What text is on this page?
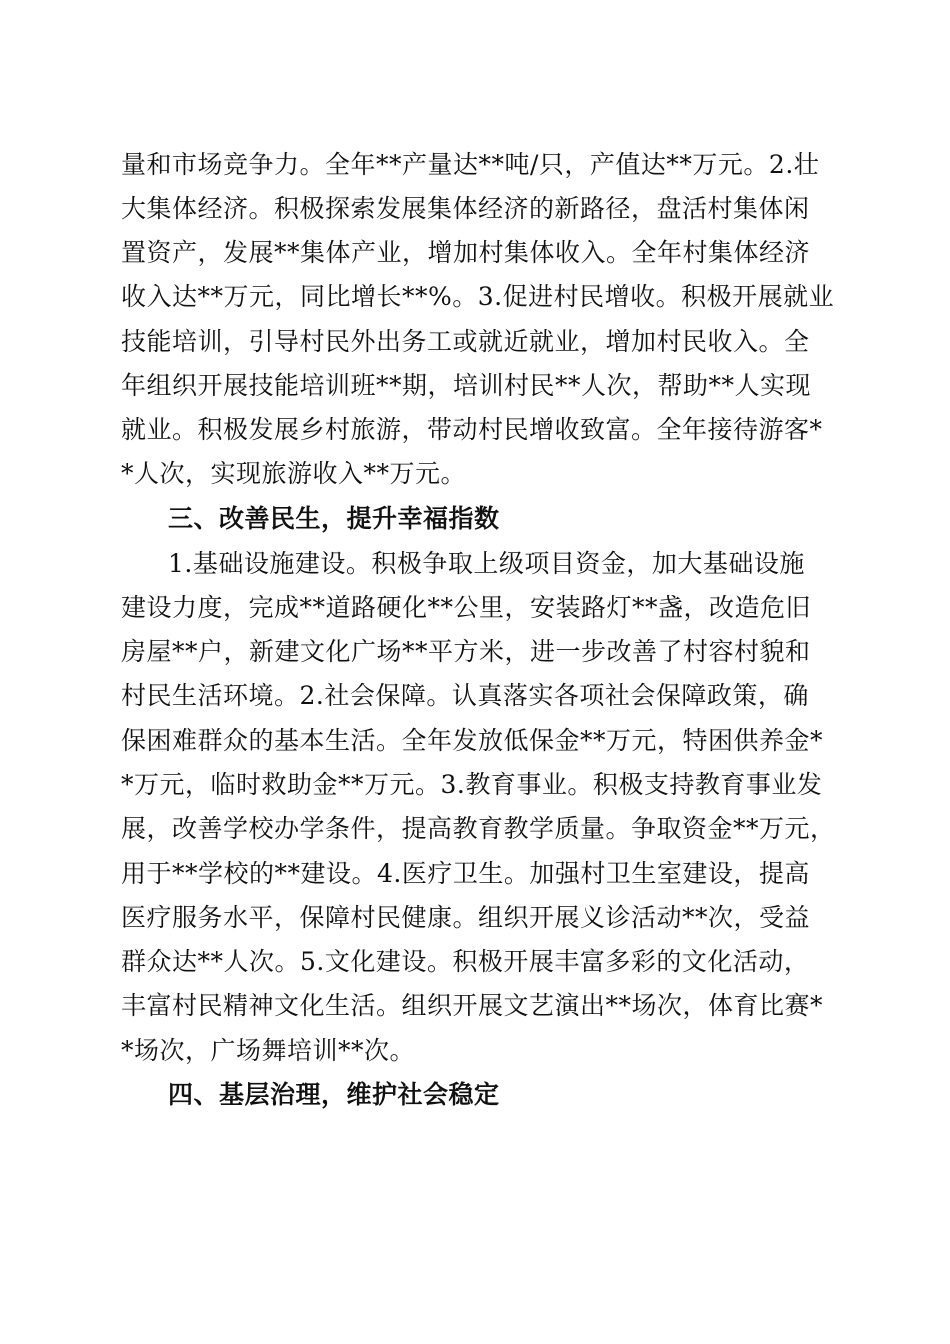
量和市场竞争力。全年**产量达**吨/只，产值达**万元。2.壮
大集体经济。积极探索发展集体经济的新路径，盘活村集体闲
置资产，发展**集体产业，增加村集体收入。全年村集体经济
收入达**万元，同比增长**%。3.促进村民增收。积极开展就业
技能培训，引导村民外出务工或就近就业，增加村民收入。全
年组织开展技能培训班**期，培训村民**人次，帮助**人实现
就业。积极发展乡村旅游，带动村民增收致富。全年接待游客*
*人次，实现旅游收入**万元。
三、改善民生，提升幸福指数
1.基础设施建设。积极争取上级项目资金，加大基础设施
建设力度，完成**道路硬化**公里，安装路灯**盏，改造危旧
房屋**户，新建文化广场**平方米，进一步改善了村容村貌和
村民生活环境。2.社会保障。认真落实各项社会保障政策，确
保困难群众的基本生活。全年发放低保金**万元，特困供养金*
*万元，临时救助金**万元。3.教育事业。积极支持教育事业发
展，改善学校办学条件，提高教育教学质量。争取资金**万元，
用于**学校的**建设。4.医疗卫生。加强村卫生室建设，提高
医疗服务水平，保障村民健康。组织开展义诊活动**次，受益
群众达**人次。5.文化建设。积极开展丰富多彩的文化活动，
丰富村民精神文化生活。组织开展文艺演出**场次，体育比赛*
*场次，广场舞培训**次。
四、基层治理，维护社会稳定
